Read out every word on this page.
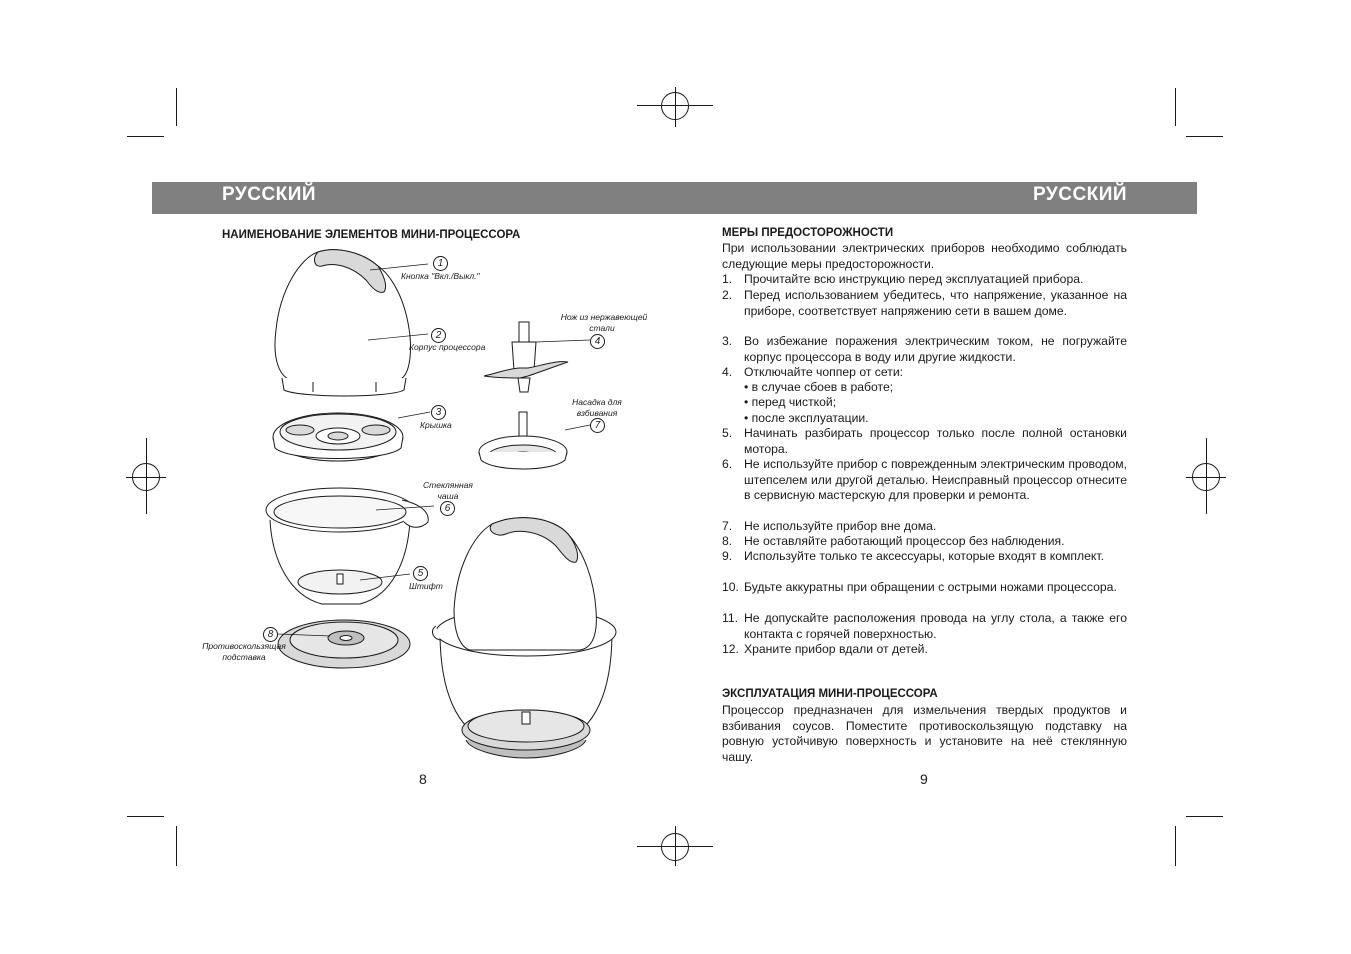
РУССКИЙ	РУССКИЙ
НАИМЕНОВАНИЕ ЭЛЕМЕНТОВ МИНИ-ПРОЦЕССОРА
1
Кнопка "Вкл./Выкл."
2
Корпус процессора
3
Крышка
Нож из нержавеющей
стали
4
5
Штифт
Стеклянная
чаша
6
Насадка для
взбивания
7
8
Противоскользящая
подставка
8
МЕРЫ ПРЕДОСТОРОЖНОСТИ
При использовании электрических приборов необходимо соблюдать следующие меры предосторожности.
1. Прочитайте всю инструкцию перед эксплуатацией прибора.
2. Перед использованием убедитесь, что напряжение, указанное на приборе, соответствует напряжению сети в вашем доме.
3. Во избежание поражения электрическим током, не погружайте корпус процессора в воду или другие жидкости.
4. Отключайте чоппер от сети:
• в случае сбоев в работе;
• перед чисткой;
• после эксплуатации.
5. Начинать разбирать процессор только после полной остановки мотора.
6. Не используйте прибор с поврежденным электрическим проводом, штепселем или другой деталью. Неисправный процессор отнесите в сервисную мастерскую для проверки и ремонта.
7. Не используйте прибор вне дома.
8. Не оставляйте работающий процессор без наблюдения.
9. Используйте только те аксессуары, которые входят в комплект.
10. Будьте аккуратны при обращении с острыми ножами процессора.
11. Не допускайте расположения провода на углу стола, а также его контакта с горячей поверхностью.
12. Храните прибор вдали от детей.
ЭКСПЛУАТАЦИЯ МИНИ-ПРОЦЕССОРА
Процессор предназначен для измельчения твердых продуктов и взбивания соусов. Поместите противоскользящую подставку на ровную устойчивую поверхность и установите на неё стеклянную чашу.
9
